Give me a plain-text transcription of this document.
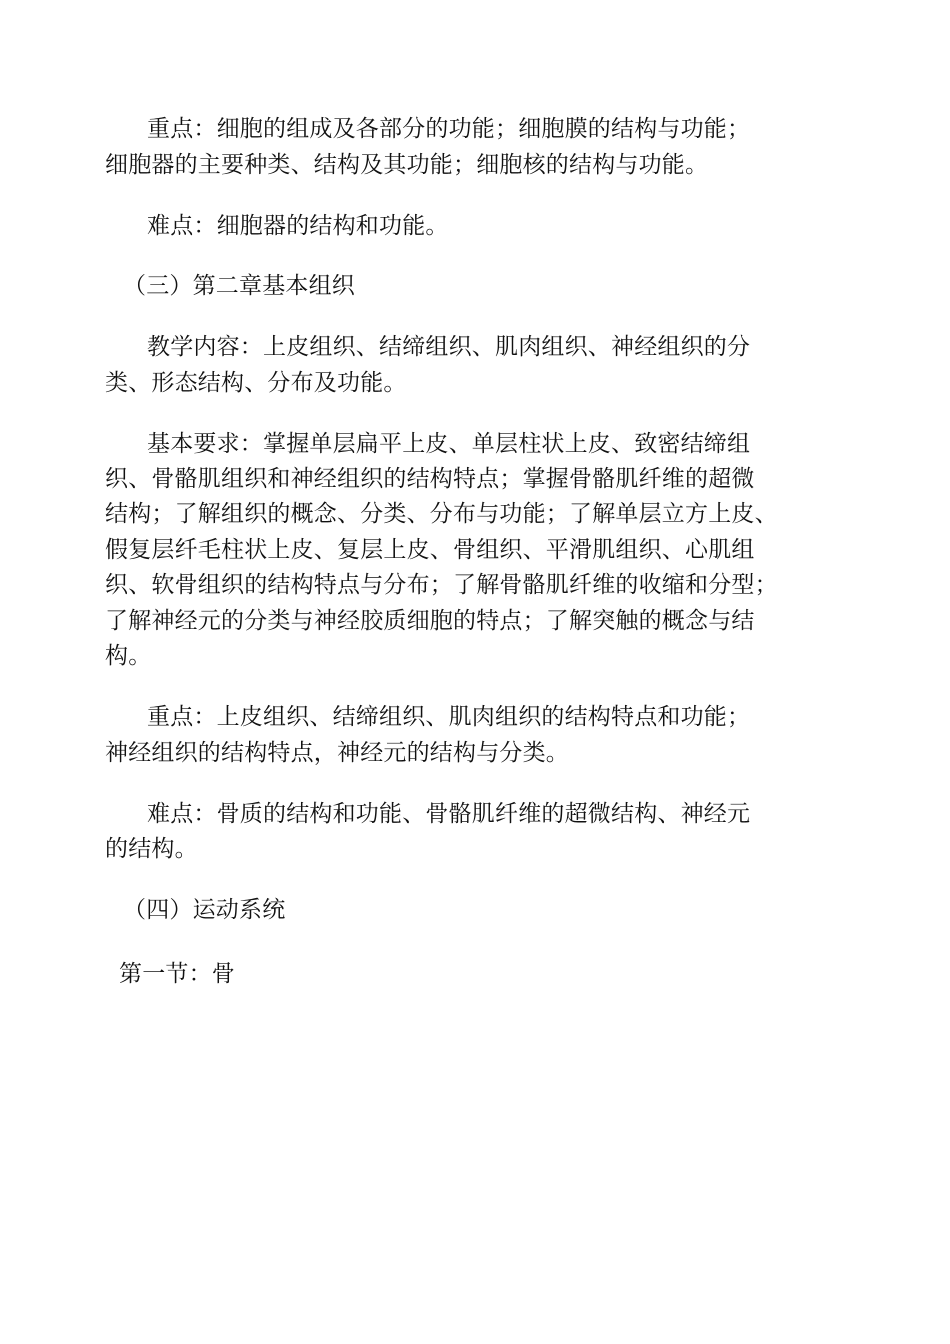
重点：细胞的组成及各部分的功能；细胞膜的结构与功能；
细胞器的主要种类、结构及其功能；细胞核的结构与功能。
难点：细胞器的结构和功能。
（三）第二章基本组织
教学内容：上皮组织、结缔组织、肌肉组织、神经组织的分
类、形态结构、分布及功能。
基本要求：掌握单层扁平上皮、单层柱状上皮、致密结缔组
织、骨骼肌组织和神经组织的结构特点；掌握骨骼肌纤维的超微
结构；了解组织的概念、分类、分布与功能；了解单层立方上皮、
假复层纤毛柱状上皮、复层上皮、骨组织、平滑肌组织、心肌组
织、软骨组织的结构特点与分布；了解骨骼肌纤维的收缩和分型；
了解神经元的分类与神经胶质细胞的特点；了解突触的概念与结
构。
重点：上皮组织、结缔组织、肌肉组织的结构特点和功能；
神经组织的结构特点，神经元的结构与分类。
难点：骨质的结构和功能、骨骼肌纤维的超微结构、神经元
的结构。
（四）运动系统
第一节：骨
